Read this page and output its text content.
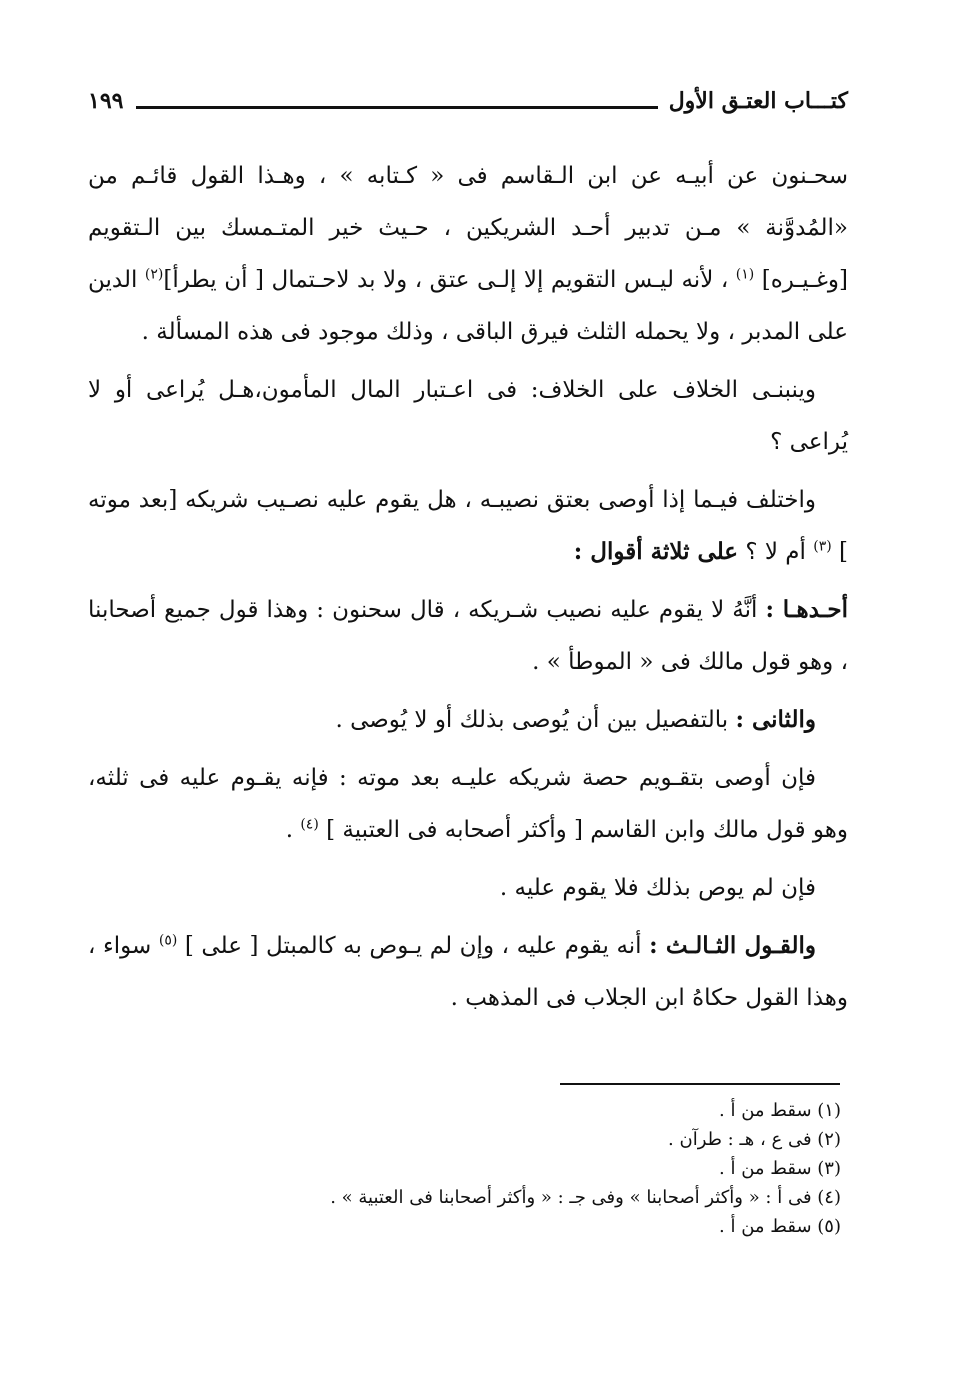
كتـــاب العتـق الأول
١٩٩

سحـنون عن أبيـه عن ابن الـقاسم فى « كـتابه » ، وهـذا القول قائـم من «المُدوَّنة » مـن تدبير أحـد الشريكين ، حـيث خير المتـمسك بين الـتقويم [وغـيـره] $^{(١)}$ ، لأنه ليـس التقويم إلا إلـى عتق ، ولا بد لاحـتمال [ أن يطرأ]$^{(٢)}$ الدين على المدبر ، ولا يحمله الثلث فيرق الباقى ، وذلك موجود فى هذه المسألة .

وينبنـى الخلاف على الخلاف: فى اعـتبار المال المأمون،هـل يُراعى أو لا يُراعى ؟

واختلف فيـما إذا أوصى بعتق نصيبـه ، هل يقوم عليه نصـيب شريكه [بعد موته ] $^{(٣)}$ أم لا ؟ على ثلاثة أقوال :

أحـدهـا : أنَّهُ لا يقوم عليه نصيب شـريكه ، قال سحنون : وهذا قول جميع أصحابنا ، وهو قول مالك فى « الموطأ » .

والثانى : بالتفصيل بين أن يُوصى بذلك أو لا يُوصى .

فإن أوصى بتقـويم حصة شريكه عليـه بعد موته : فإنه يقـوم عليه فى ثلثه، وهو قول مالك وابن القاسم [ وأكثر أصحابه فى العتبية ] $^{(٤)}$ .

فإن لم يوص بذلك فلا يقوم عليه .

والقـول الثـالـث : أنه يقوم عليه ، وإن لم يـوص به كالمبتل [ على ] $^{(٥)}$ سواء ، وهذا القول حكاهُ ابن الجلاب فى المذهب .

(١) سقط من أ .
(٢) فى ع ، هـ : طرآن .
(٣) سقط من أ .
(٤) فى أ : « وأكثر أصحابنا » وفى جـ : « وأكثر أصحابنا فى العتبية » .
(٥) سقط من أ .
